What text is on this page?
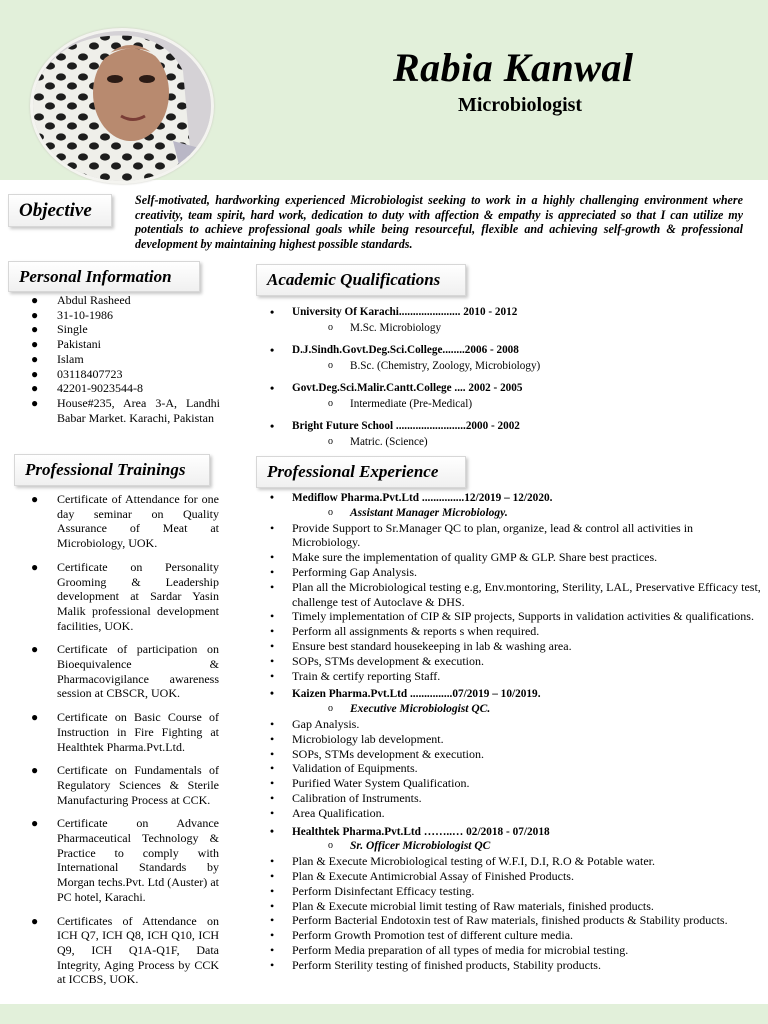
Rabia Kanwal
Microbiologist
Objective	Self-motivated, hardworking experienced Microbiologist seeking to work in a highly challenging environment where creativity, team spirit, hard work, dedication to duty with affection & empathy is appreciated so that I can utilize my potentials to achieve professional goals while being resourceful, flexible and achieving self-growth & professional development by maintaining highest possible standards.
Personal Information
● Abdul Rasheed
● 31-10-1986
● Single
● Pakistani
● Islam
● 03118407723
● 42201-9023544-8
● House#235, Area 3-A, Landhi Babar Market. Karachi, Pakistan
Professional Trainings
● Certificate of Attendance for one day seminar on Quality Assurance of Meat at Microbiology, UOK.
● Certificate on Personality Grooming & Leadership development at Sardar Yasin Malik professional development facilities, UOK.
● Certificate of participation on Bioequivalence & Pharmacovigilance awareness session at CBSCR, UOK.
● Certificate on Basic Course of Instruction in Fire Fighting at Healthtek Pharma.Pvt.Ltd.
● Certificate on Fundamentals of Regulatory Sciences & Sterile Manufacturing Process at CCK.
● Certificate on Advance Pharmaceutical Technology & Practice to comply with International Standards by Morgan techs.Pvt. Ltd (Auster) at PC hotel, Karachi.
● Certificates of Attendance on ICH Q7, ICH Q8, ICH Q10, ICH Q9, ICH Q1A-Q1F, Data Integrity, Aging Process by CCK at ICCBS, UOK.
Academic Qualifications
• University Of Karachi...................... 2010 - 2012
o M.Sc. Microbiology
• D.J.Sindh.Govt.Deg.Sci.College........2006 - 2008
o B.Sc. (Chemistry, Zoology, Microbiology)
• Govt.Deg.Sci.Malir.Cantt.College .... 2002 - 2005
o Intermediate (Pre-Medical)
• Bright Future School .........................2000 - 2002
o Matric. (Science)
Professional Experience
• Mediflow Pharma.Pvt.Ltd ...............12/2019 – 12/2020.
o Assistant Manager Microbiology.
• Provide Support to Sr.Manager QC to plan, organize, lead & control all activities in Microbiology.
• Make sure the implementation of quality GMP & GLP. Share best practices.
• Performing Gap Analysis.
• Plan all the Microbiological testing e.g, Env.montoring, Sterility, LAL, Preservative Efficacy test, challenge test of Autoclave & DHS.
• Timely implementation of CIP & SIP projects, Supports in validation activities & qualifications.
• Perform all assignments & reports s when required.
• Ensure best standard housekeeping in lab & washing area.
• SOPs, STMs development & execution.
• Train & certify reporting Staff.
• Kaizen Pharma.Pvt.Ltd ...............07/2019 – 10/2019.
o Executive Microbiologist QC.
• Gap Analysis.
• Microbiology lab development.
• SOPs, STMs development & execution.
• Validation of Equipments.
• Purified Water System Qualification.
• Calibration of Instruments.
• Area Qualification.
• Healthtek Pharma.Pvt.Ltd ……..… 02/2018 - 07/2018
o Sr. Officer Microbiologist QC
• Plan & Execute Microbiological testing of W.F.I, D.I, R.O & Potable water.
• Plan & Execute Antimicrobial Assay of Finished Products.
• Perform Disinfectant Efficacy testing.
• Plan & Execute microbial limit testing of Raw materials, finished products.
• Perform Bacterial Endotoxin test of Raw materials, finished products & Stability products.
• Perform Growth Promotion test of different culture media.
• Perform Media preparation of all types of media for microbial testing.
• Perform Sterility testing of finished products, Stability products.
